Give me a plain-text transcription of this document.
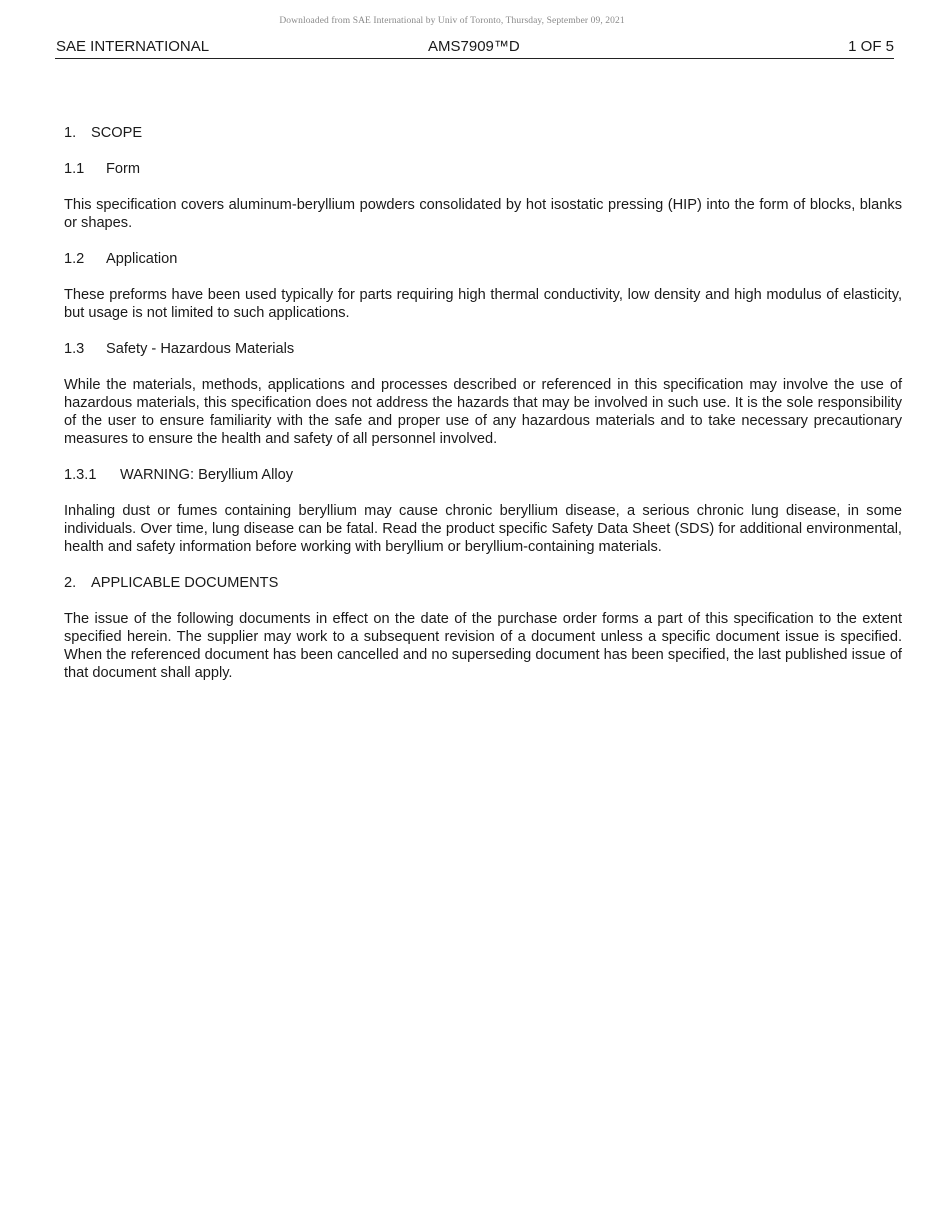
Downloaded from SAE International by Univ of Toronto, Thursday, September 09, 2021
SAE INTERNATIONAL	AMS7909™D	1 OF 5
1. SCOPE
1.1 Form

This specification covers aluminum-beryllium powders consolidated by hot isostatic pressing (HIP) into the form of blocks, blanks or shapes.

1.2 Application

These preforms have been used typically for parts requiring high thermal conductivity, low density and high modulus of elasticity, but usage is not limited to such applications.

1.3 Safety - Hazardous Materials

While the materials, methods, applications and processes described or referenced in this specification may involve the use of hazardous materials, this specification does not address the hazards that may be involved in such use. It is the sole responsibility of the user to ensure familiarity with the safe and proper use of any hazardous materials and to take necessary precautionary measures to ensure the health and safety of all personnel involved.

1.3.1 WARNING: Beryllium Alloy

Inhaling dust or fumes containing beryllium may cause chronic beryllium disease, a serious chronic lung disease, in some individuals. Over time, lung disease can be fatal. Read the product specific Safety Data Sheet (SDS) for additional environmental, health and safety information before working with beryllium or beryllium-containing materials.

2. APPLICABLE DOCUMENTS

The issue of the following documents in effect on the date of the purchase order forms a part of this specification to the extent specified herein. The supplier may work to a subsequent revision of a document unless a specific document issue is specified. When the referenced document has been cancelled and no superseding document has been specified, the last published issue of that document shall apply.
